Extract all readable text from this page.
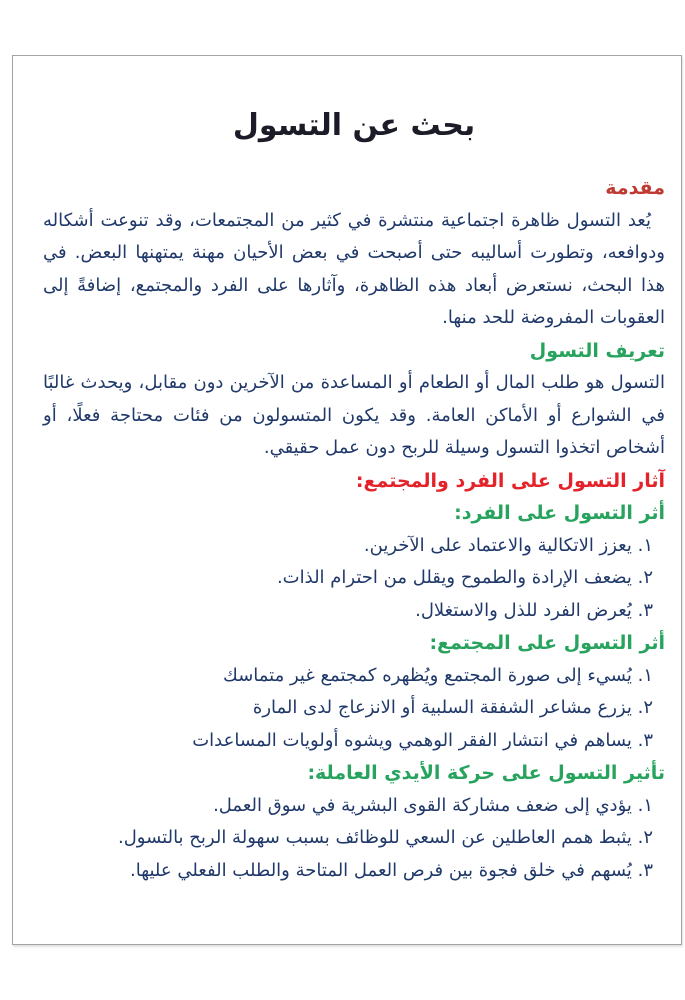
بحث عن التسول
مقدمة

يُعد التسول ظاهرة اجتماعية منتشرة في كثير من المجتمعات، وقد تنوعت أشكاله ودوافعه، وتطورت أساليبه حتى أصبحت في بعض الأحيان مهنة يمتهنها البعض. في هذا البحث، نستعرض أبعاد هذه الظاهرة، وآثارها على الفرد والمجتمع، إضافةً إلى العقوبات المفروضة للحد منها.

تعريف التسول

التسول هو طلب المال أو الطعام أو المساعدة من الآخرين دون مقابل، ويحدث غالبًا في الشوارع أو الأماكن العامة. وقد يكون المتسولون من فئات محتاجة فعلًا، أو أشخاص اتخذوا التسول وسيلة للربح دون عمل حقيقي.

آثار التسول على الفرد والمجتمع:
أثر التسول على الفرد:
١. يعزز الاتكالية والاعتماد على الآخرين.
٢. يضعف الإرادة والطموح ويقلل من احترام الذات.
٣. يُعرض الفرد للذل والاستغلال.
أثر التسول على المجتمع:
١. يُسيء إلى صورة المجتمع ويُظهره كمجتمع غير متماسك
٢. يزرع مشاعر الشفقة السلبية أو الانزعاج لدى المارة
٣. يساهم في انتشار الفقر الوهمي ويشوه أولويات المساعدات
تأثير التسول على حركة الأيدي العاملة:
١. يؤدي إلى ضعف مشاركة القوى البشرية في سوق العمل.
٢. يثبط همم العاطلين عن السعي للوظائف بسبب سهولة الربح بالتسول.
٣. يُسهم في خلق فجوة بين فرص العمل المتاحة والطلب الفعلي عليها.
